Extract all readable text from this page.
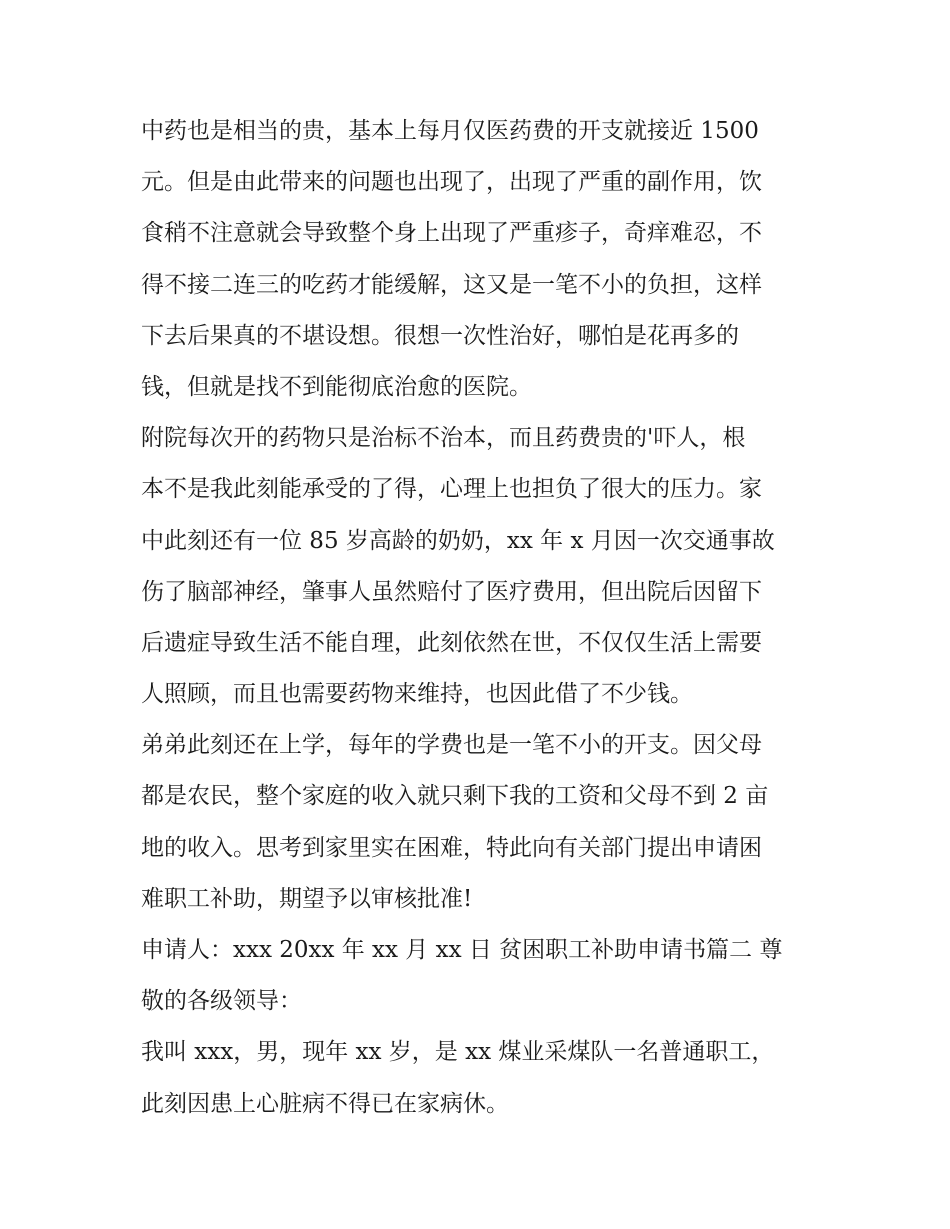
中药也是相当的贵，基本上每月仅医药费的开支就接近 1500
元。但是由此带来的问题也出现了，出现了严重的副作用，饮
食稍不注意就会导致整个身上出现了严重疹子，奇痒难忍，不
得不接二连三的吃药才能缓解，这又是一笔不小的负担，这样
下去后果真的不堪设想。很想一次性治好，哪怕是花再多的
钱，但就是找不到能彻底治愈的医院。
附院每次开的药物只是治标不治本，而且药费贵的'吓人，根
本不是我此刻能承受的了得，心理上也担负了很大的压力。家
中此刻还有一位 85 岁高龄的奶奶，xx 年 x 月因一次交通事故
伤了脑部神经，肇事人虽然赔付了医疗费用，但出院后因留下
后遗症导致生活不能自理，此刻依然在世，不仅仅生活上需要
人照顾，而且也需要药物来维持，也因此借了不少钱。
弟弟此刻还在上学，每年的学费也是一笔不小的开支。因父母
都是农民，整个家庭的收入就只剩下我的工资和父母不到 2 亩
地的收入。思考到家里实在困难，特此向有关部门提出申请困
难职工补助，期望予以审核批准!
申请人：xxx 20xx 年 xx 月 xx 日 贫困职工补助申请书篇二 尊
敬的各级领导：
我叫 xxx，男，现年 xx 岁，是 xx 煤业采煤队一名普通职工，
此刻因患上心脏病不得已在家病休。
